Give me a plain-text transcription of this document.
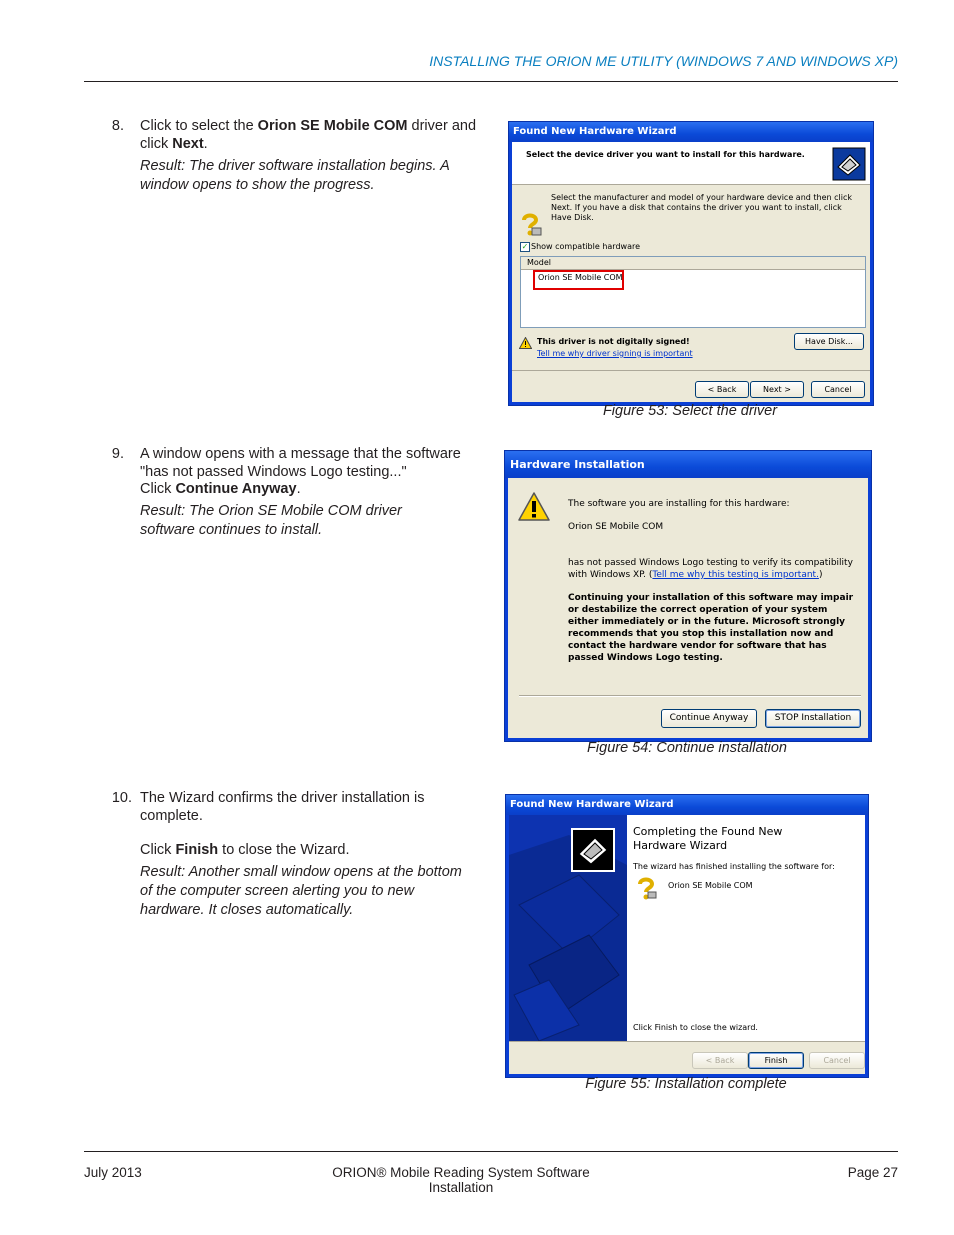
INSTALLING THE ORION ME UTILITY (WINDOWS 7 AND WINDOWS XP)
8. Click to select the Orion SE Mobile COM driver and click Next.
Result: The driver software installation begins. A window opens to show the progress.
9. A window opens with a message that the software "has not passed Windows Logo testing..."
Click Continue Anyway.
Result: The Orion SE Mobile COM driver software continues to install.
10. The Wizard confirms the driver installation is complete.
Click Finish to close the Wizard.
Result: Another small window opens at the bottom of the computer screen alerting you to new hardware. It closes automatically.
Found New Hardware Wizard
Select the device driver you want to install for this hardware.
Select the manufacturer and model of your hardware device and then click Next. If you have a disk that contains the driver you want to install, click Have Disk.
✓ Show compatible hardware
Model
Orion SE Mobile COM
This driver is not digitally signed!
Tell me why driver signing is important
Have Disk...
< Back	Next >	Cancel
Figure 53: Select the driver
Hardware Installation
The software you are installing for this hardware:
Orion SE Mobile COM
has not passed Windows Logo testing to verify its compatibility with Windows XP. (Tell me why this testing is important.)
Continuing your installation of this software may impair or destabilize the correct operation of your system either immediately or in the future. Microsoft strongly recommends that you stop this installation now and contact the hardware vendor for software that has passed Windows Logo testing.
Continue Anyway	STOP Installation
Figure 54: Continue installation
Found New Hardware Wizard
Completing the Found New Hardware Wizard
The wizard has finished installing the software for:
Orion SE Mobile COM
Click Finish to close the wizard.
< Back	Finish	Cancel
Figure 55: Installation complete
July 2013	ORION® Mobile Reading System Software Installation
Page 27
